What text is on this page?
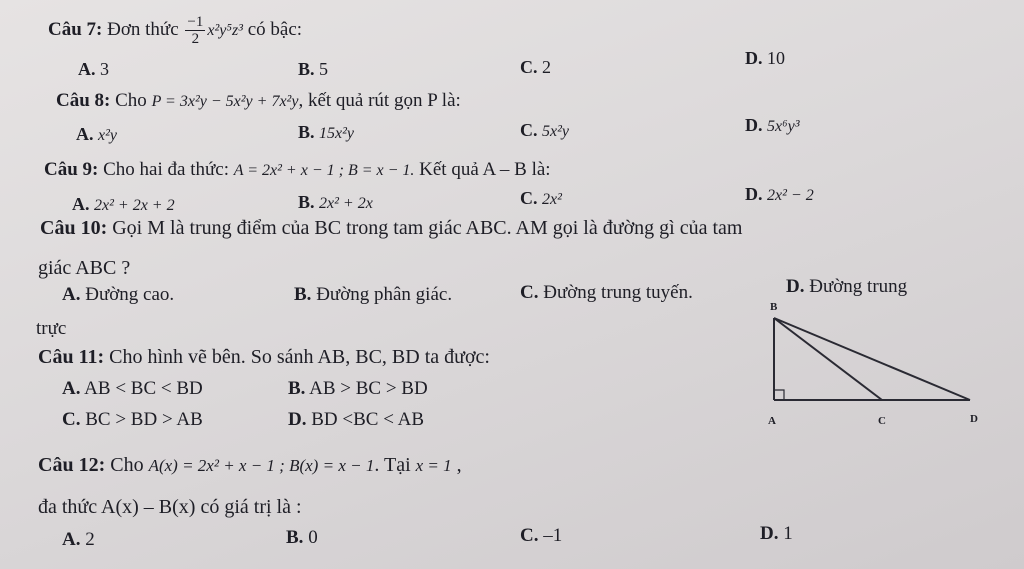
Câu 7: Đơn thức $\frac{-1}{2} x^2y^5z^3$ có bậc:
A. 3	B. 5	C. 2	D. 10
Câu 8: Cho P = 3x²y − 5x²y + 7x²y, kết quả rút gọn P là:
A. x²y	B. 15x²y	C. 5x²y	D. 5x⁶y³
Câu 9: Cho hai đa thức: A = 2x² + x − 1 ; B = x − 1. Kết quả A – B là:
A. 2x² + 2x + 2	B. 2x² + 2x	C. 2x²	D. 2x² − 2
Câu 10: Gọi M là trung điểm của BC trong tam giác ABC. AM gọi là đường gì của tam
giác ABC ?
A. Đường cao.	B. Đường phân giác.	C. Đường trung tuyến.	D. Đường trung
trực
Câu 11: Cho hình vẽ bên. So sánh AB, BC, BD ta được:
A. AB < BC < BD	B. AB > BC > BD
C. BC > BD > AB	D. BD <BC < AB
B
A	C	D
Câu 12: Cho A(x) = 2x² + x − 1 ; B(x) = x − 1. Tại x = 1 ,
đa thức A(x) – B(x) có giá trị là :
A. 2	B. 0	C. –1	D. 1
